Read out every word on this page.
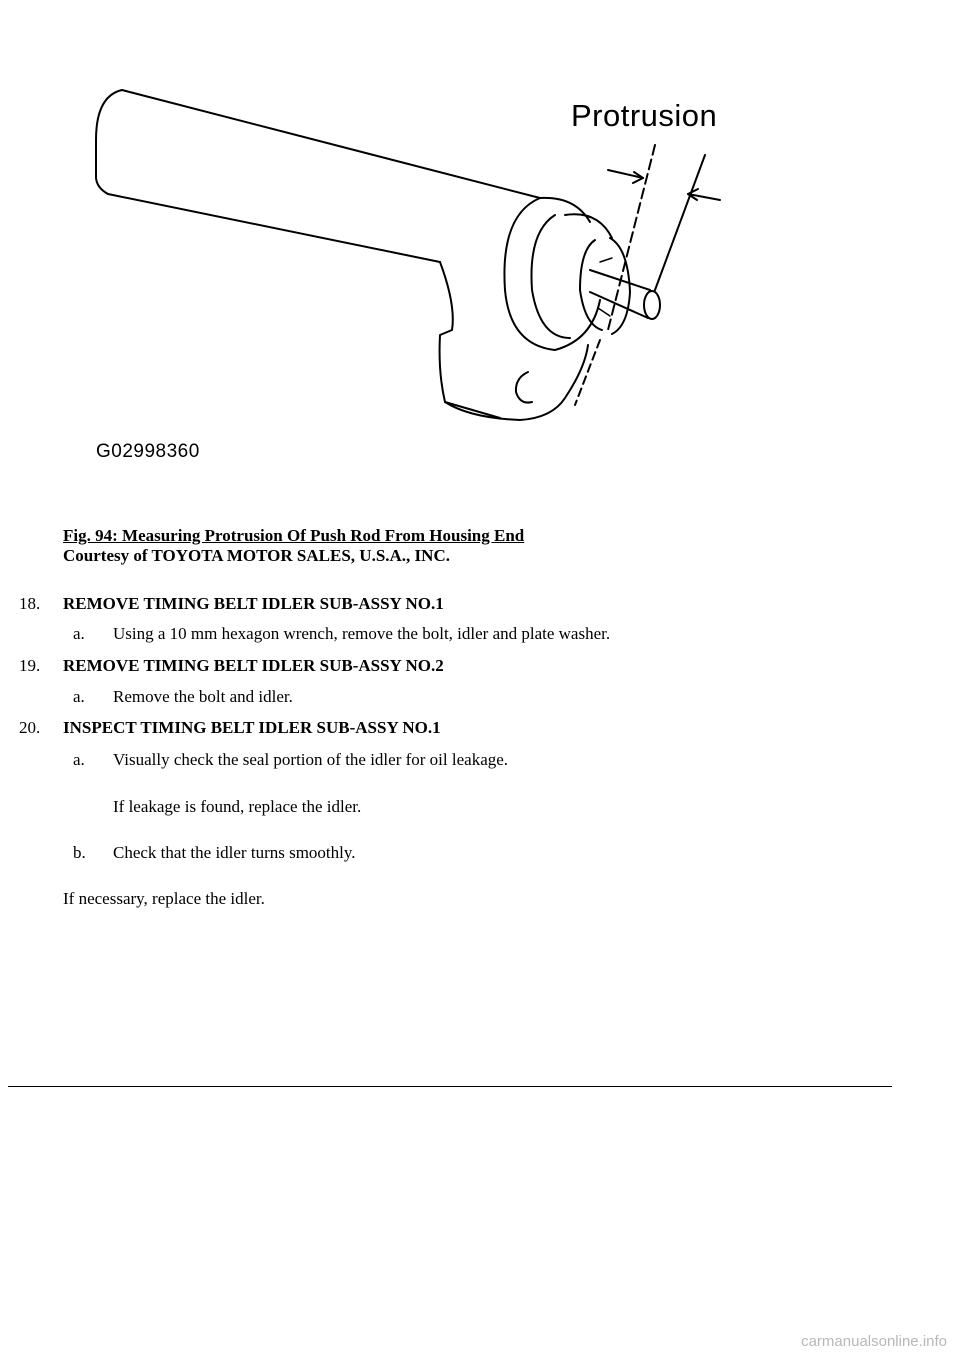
Protrusion
G02998360
Fig. 94: Measuring Protrusion Of Push Rod From Housing End
Courtesy of TOYOTA MOTOR SALES, U.S.A., INC.
18. REMOVE TIMING BELT IDLER SUB-ASSY NO.1
a. Using a 10 mm hexagon wrench, remove the bolt, idler and plate washer.
19. REMOVE TIMING BELT IDLER SUB-ASSY NO.2
a. Remove the bolt and idler.
20. INSPECT TIMING BELT IDLER SUB-ASSY NO.1
a. Visually check the seal portion of the idler for oil leakage.
If leakage is found, replace the idler.
b. Check that the idler turns smoothly.
If necessary, replace the idler.
carmanualsonline.info
